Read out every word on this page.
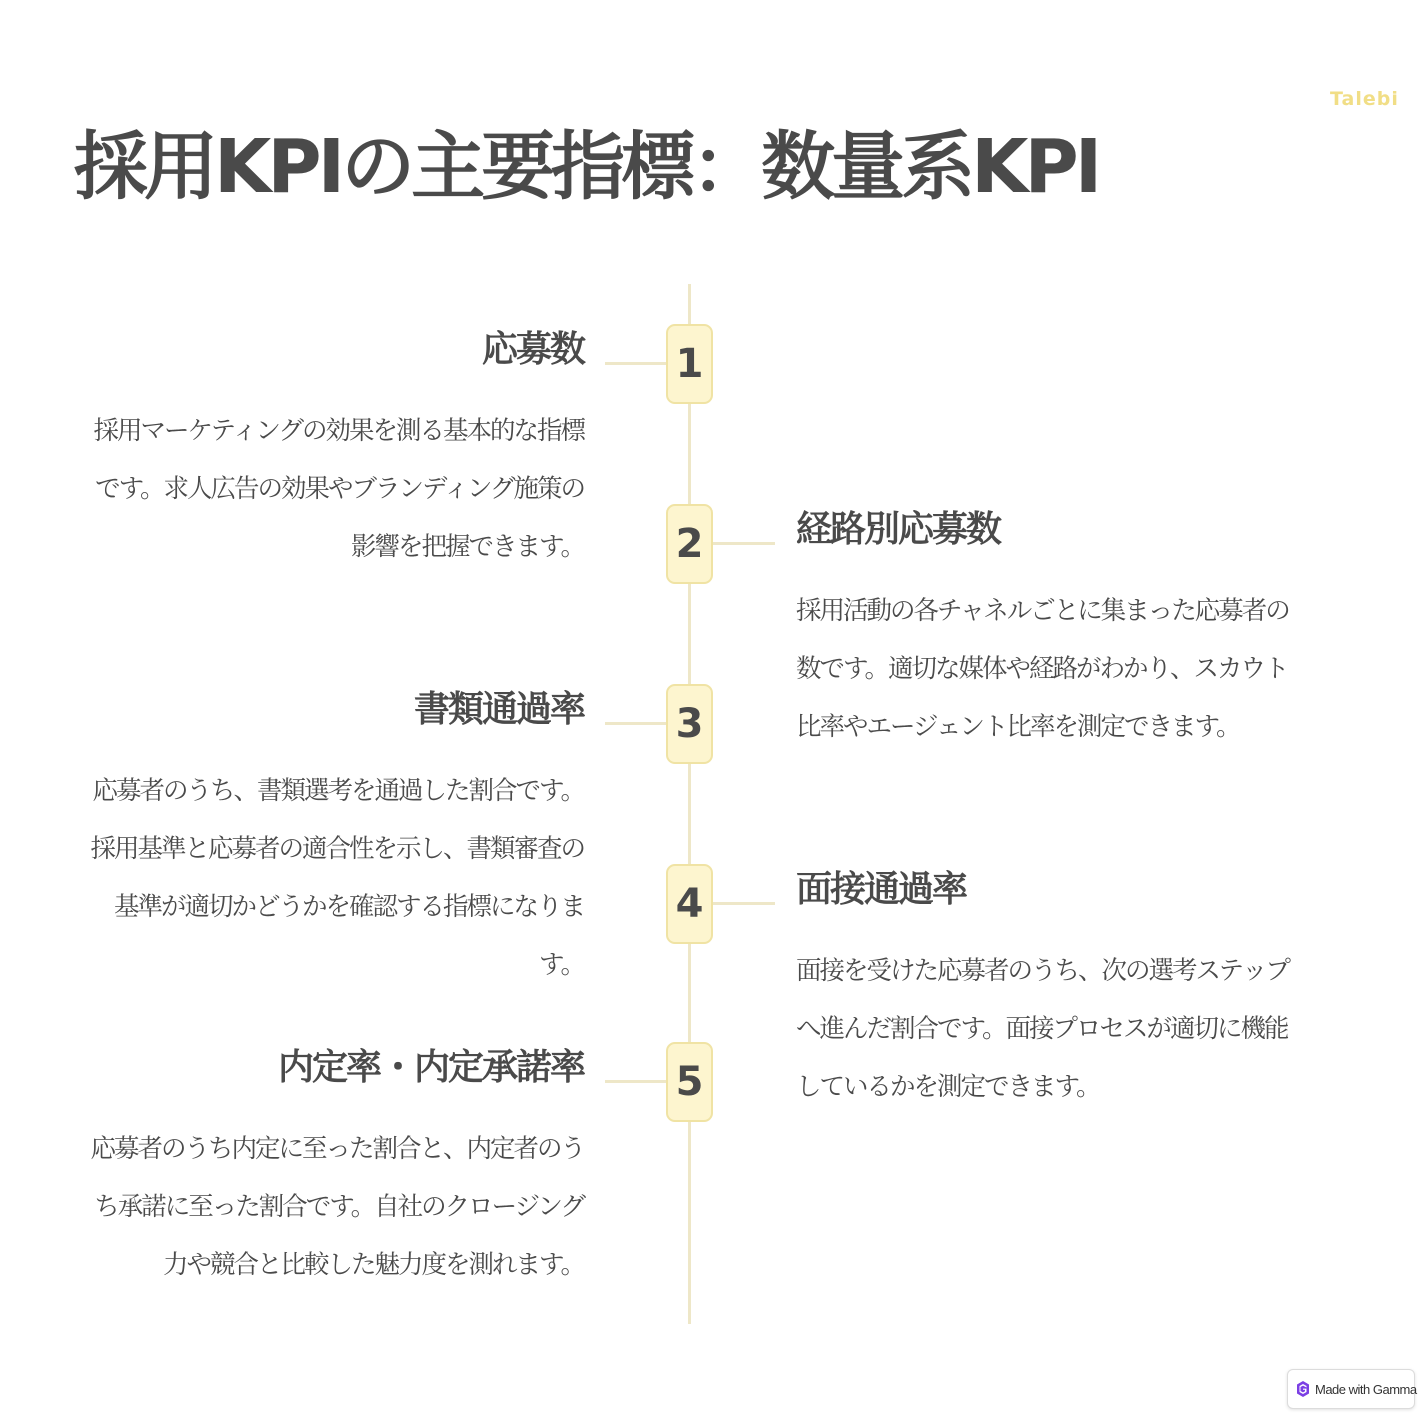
Talebi
採用KPIの主要指標：数量系KPI
1
応募数
採用マーケティングの効果を測る基本的な指標です。求人広告の効果やブランディング施策の影響を把握できます。 2	経路別応募数
採用活動の各チャネルごとに集まった応募者の数です。適切な媒体や経路がわかり、スカウト比率やエージェント比率を測定できます。
3
書類通過率
応募者のうち、書類選考を通過した割合です。採用基準と応募者の適合性を示し、書類審査の基準が適切かどうかを確認する指標になります。
4	面接通過率
面接を受けた応募者のうち、次の選考ステップへ進んだ割合です。面接プロセスが適切に機能しているかを測定できます。
5
内定率・内定承諾率
応募者のうち内定に至った割合と、内定者のうち承諾に至った割合です。自社のクロージング力や競合と比較した魅力度を測れます。
Made with Gamma
